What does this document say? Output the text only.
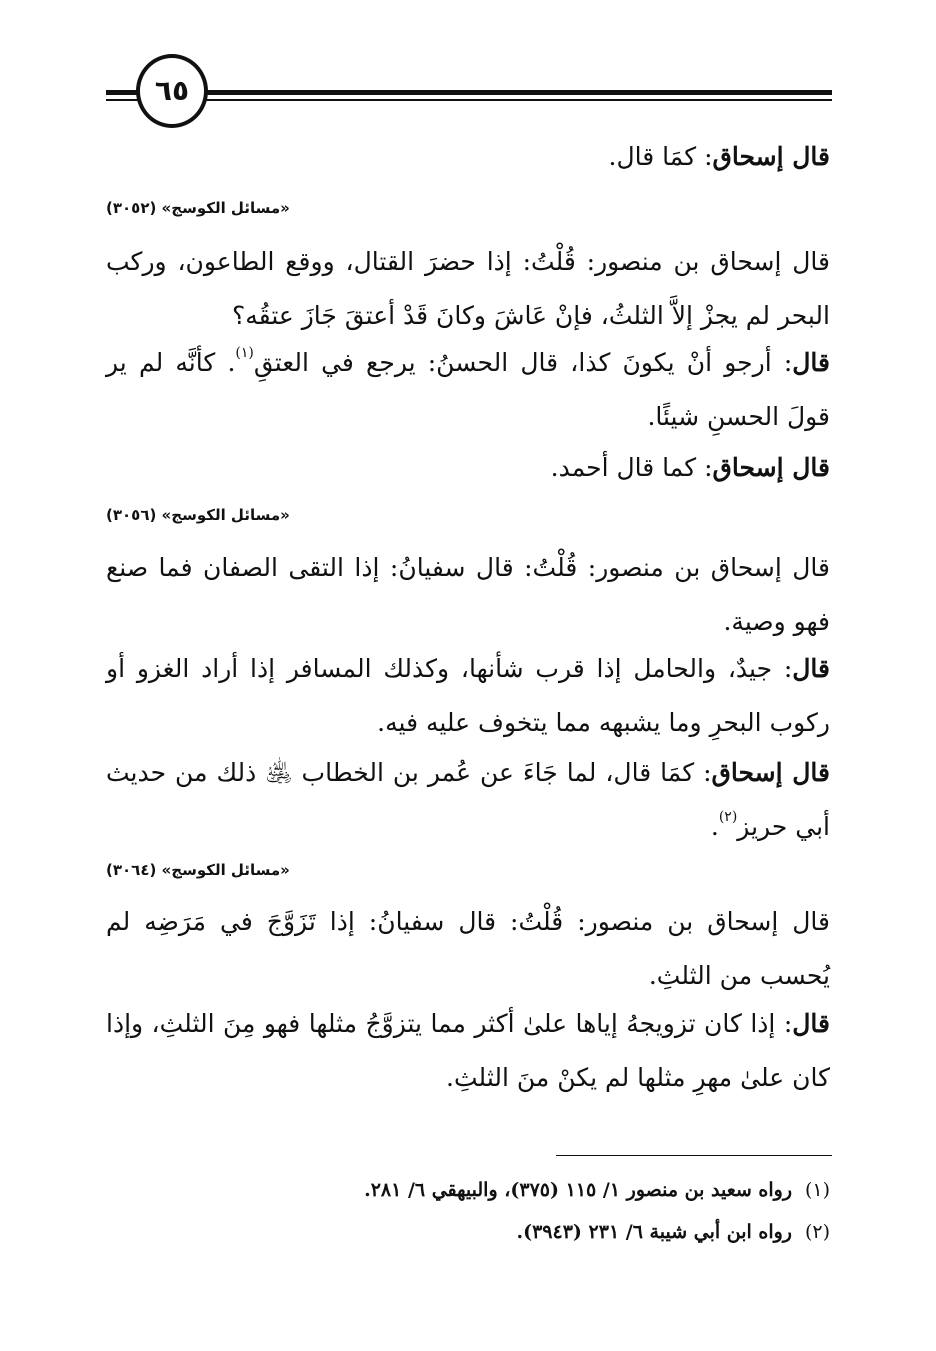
٦٥
قال إسحاق: كمَا قال.
«مسائل الكوسج» (٣٠٥٢)
قال إسحاق بن منصور: قُلْتُ: إذا حضرَ القتال، ووقع الطاعون، وركب البحر لم يجزْ إلاَّ الثلثُ، فإنْ عَاشَ وكانَ قَدْ أعتقَ جَازَ عتقُه؟
قال: أرجو أنْ يكونَ كذا، قال الحسنُ: يرجع في العتقِ$^{(١)}$. كأنَّه لم ير قولَ الحسنِ شيئًا.
قال إسحاق: كما قال أحمد.
«مسائل الكوسج» (٣٠٥٦)
قال إسحاق بن منصور: قُلْتُ: قال سفيانُ: إذا التقى الصفان فما صنع فهو وصية.
قال: جيدٌ، والحامل إذا قرب شأنها، وكذلك المسافر إذا أراد الغزو أو ركوب البحرِ وما يشبهه مما يتخوف عليه فيه.
قال إسحاق: كمَا قال، لما جَاءَ عن عُمر بن الخطاب ﵁ ذلك من حديث أبي حريز$^{(٢)}$.
«مسائل الكوسج» (٣٠٦٤)
قال إسحاق بن منصور: قُلْتُ: قال سفيانُ: إذا تَزَوَّجَ في مَرَضِه لم يُحسب من الثلثِ.
قال: إذا كان تزويجهُ إياها علىٰ أكثر مما يتزوَّجُ مثلها فهو مِنَ الثلثِ، وإذا كان علىٰ مهرِ مثلها لم يكنْ منَ الثلثِ.
(١)رواه سعيد بن منصور ١/ ١١٥ (٣٧٥)، والبيهقي ٦/ ٢٨١.
(٢)رواه ابن أبي شيبة ٦/ ٢٣١ (٣٩٤٣).
